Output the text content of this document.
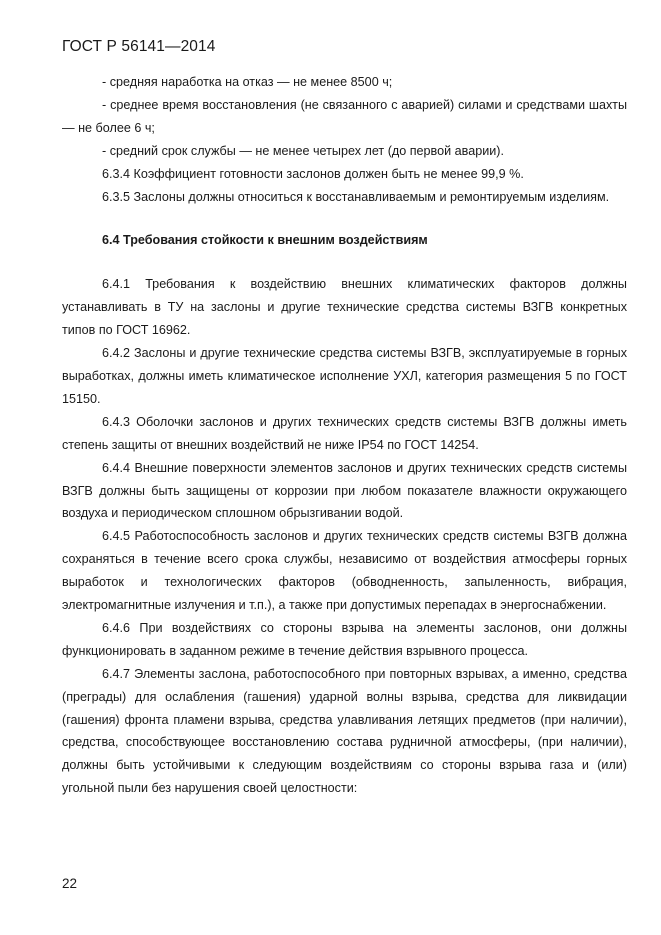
ГОСТ Р 56141—2014

- средняя наработка на отказ — не менее 8500 ч;

- среднее время восстановления (не связанного с аварией) силами и средствами шахты — не более 6 ч;

- средний срок службы — не менее четырех лет (до первой аварии).

6.3.4 Коэффициент готовности заслонов должен быть не менее 99,9 %.

6.3.5 Заслоны должны относиться к восстанавливаемым и ремонтируемым изделиям.

6.4 Требования стойкости к внешним воздействиям

6.4.1 Требования к воздействию внешних климатических факторов должны устанавливать в ТУ на заслоны и другие технические средства системы ВЗГВ конкретных типов по ГОСТ 16962.

6.4.2 Заслоны и другие технические средства системы ВЗГВ, эксплуатируемые в горных выработках, должны иметь климатическое исполнение УХЛ, категория размещения 5 по ГОСТ 15150.

6.4.3 Оболочки заслонов и других технических средств системы ВЗГВ должны иметь степень защиты от внешних воздействий не ниже IP54 по ГОСТ 14254.

6.4.4 Внешние поверхности элементов заслонов и других технических средств системы ВЗГВ должны быть защищены от коррозии при любом показателе влажности окружающего воздуха и периодическом сплошном обрызгивании водой.

6.4.5 Работоспособность заслонов и других технических средств системы ВЗГВ должна сохраняться в течение всего срока службы, независимо от воздействия атмосферы горных выработок и технологических факторов (обводненность, запыленность, вибрация, электромагнитные излучения и т.п.), а также при допустимых перепадах в энергоснабжении.

6.4.6 При воздействиях со стороны взрыва на элементы заслонов, они должны функционировать в заданном режиме в течение действия взрывного процесса.

6.4.7 Элементы заслона, работоспособного при повторных взрывах, а именно, средства (преграды) для ослабления (гашения) ударной волны взрыва, средства для ликвидации (гашения) фронта пламени взрыва, средства улавливания летящих предметов (при наличии), средства, способствующее восстановлению состава рудничной атмосферы, (при наличии), должны быть устойчивыми к следующим воздействиям со стороны взрыва газа и (или) угольной пыли без нарушения своей целостности:

22
